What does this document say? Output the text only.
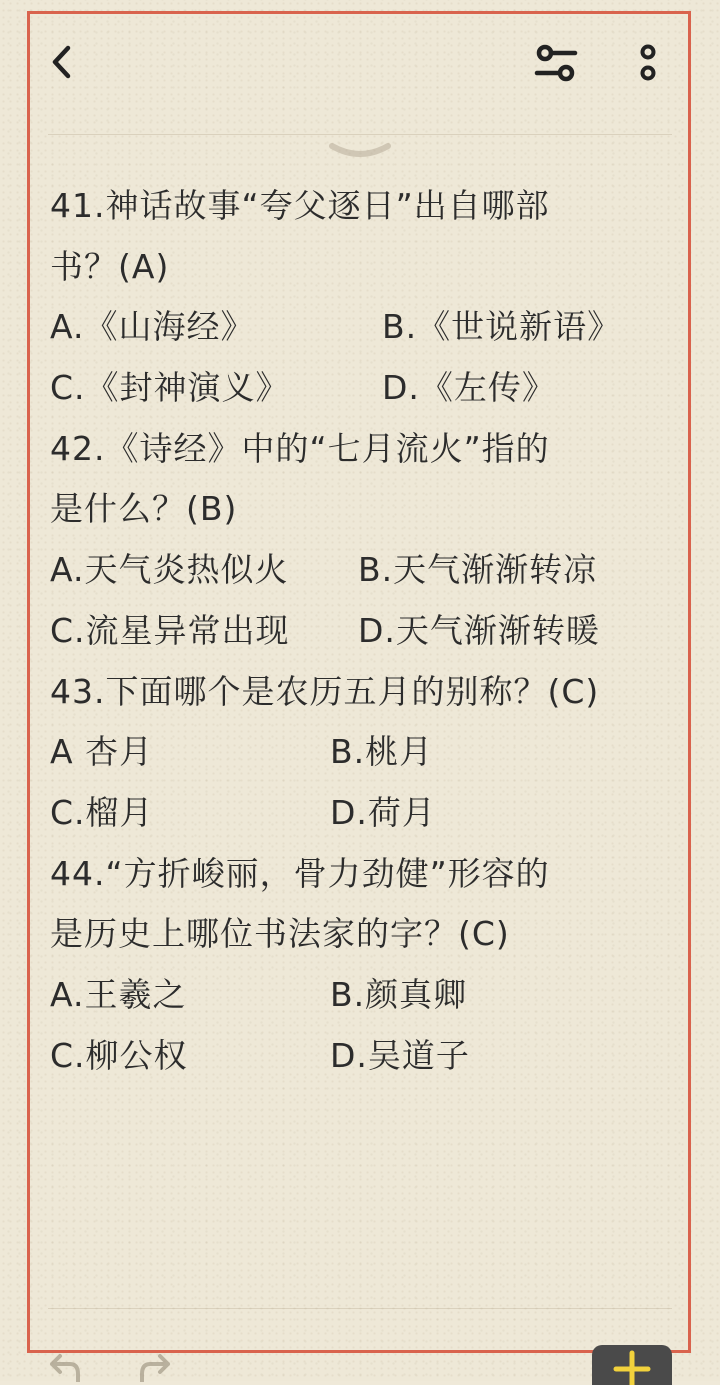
41.神话故事“夸父逐日”出自哪部
书？(A)
A.《山海经》	B.《世说新语》
C.《封神演义》	D.《左传》
42.《诗经》中的“七月流火”指的
是什么？(B)
A.天气炎热似火 B.天气渐渐转凉
C.流星异常出现 D.天气渐渐转暖
43.下面哪个是农历五月的别称？(C)
A 杏月	B.桃月
C.榴月	D.荷月
44.“方折峻丽，骨力劲健”形容的
是历史上哪位书法家的字？(C)
A.王羲之	B.颜真卿
C.柳公权	D.吴道子
